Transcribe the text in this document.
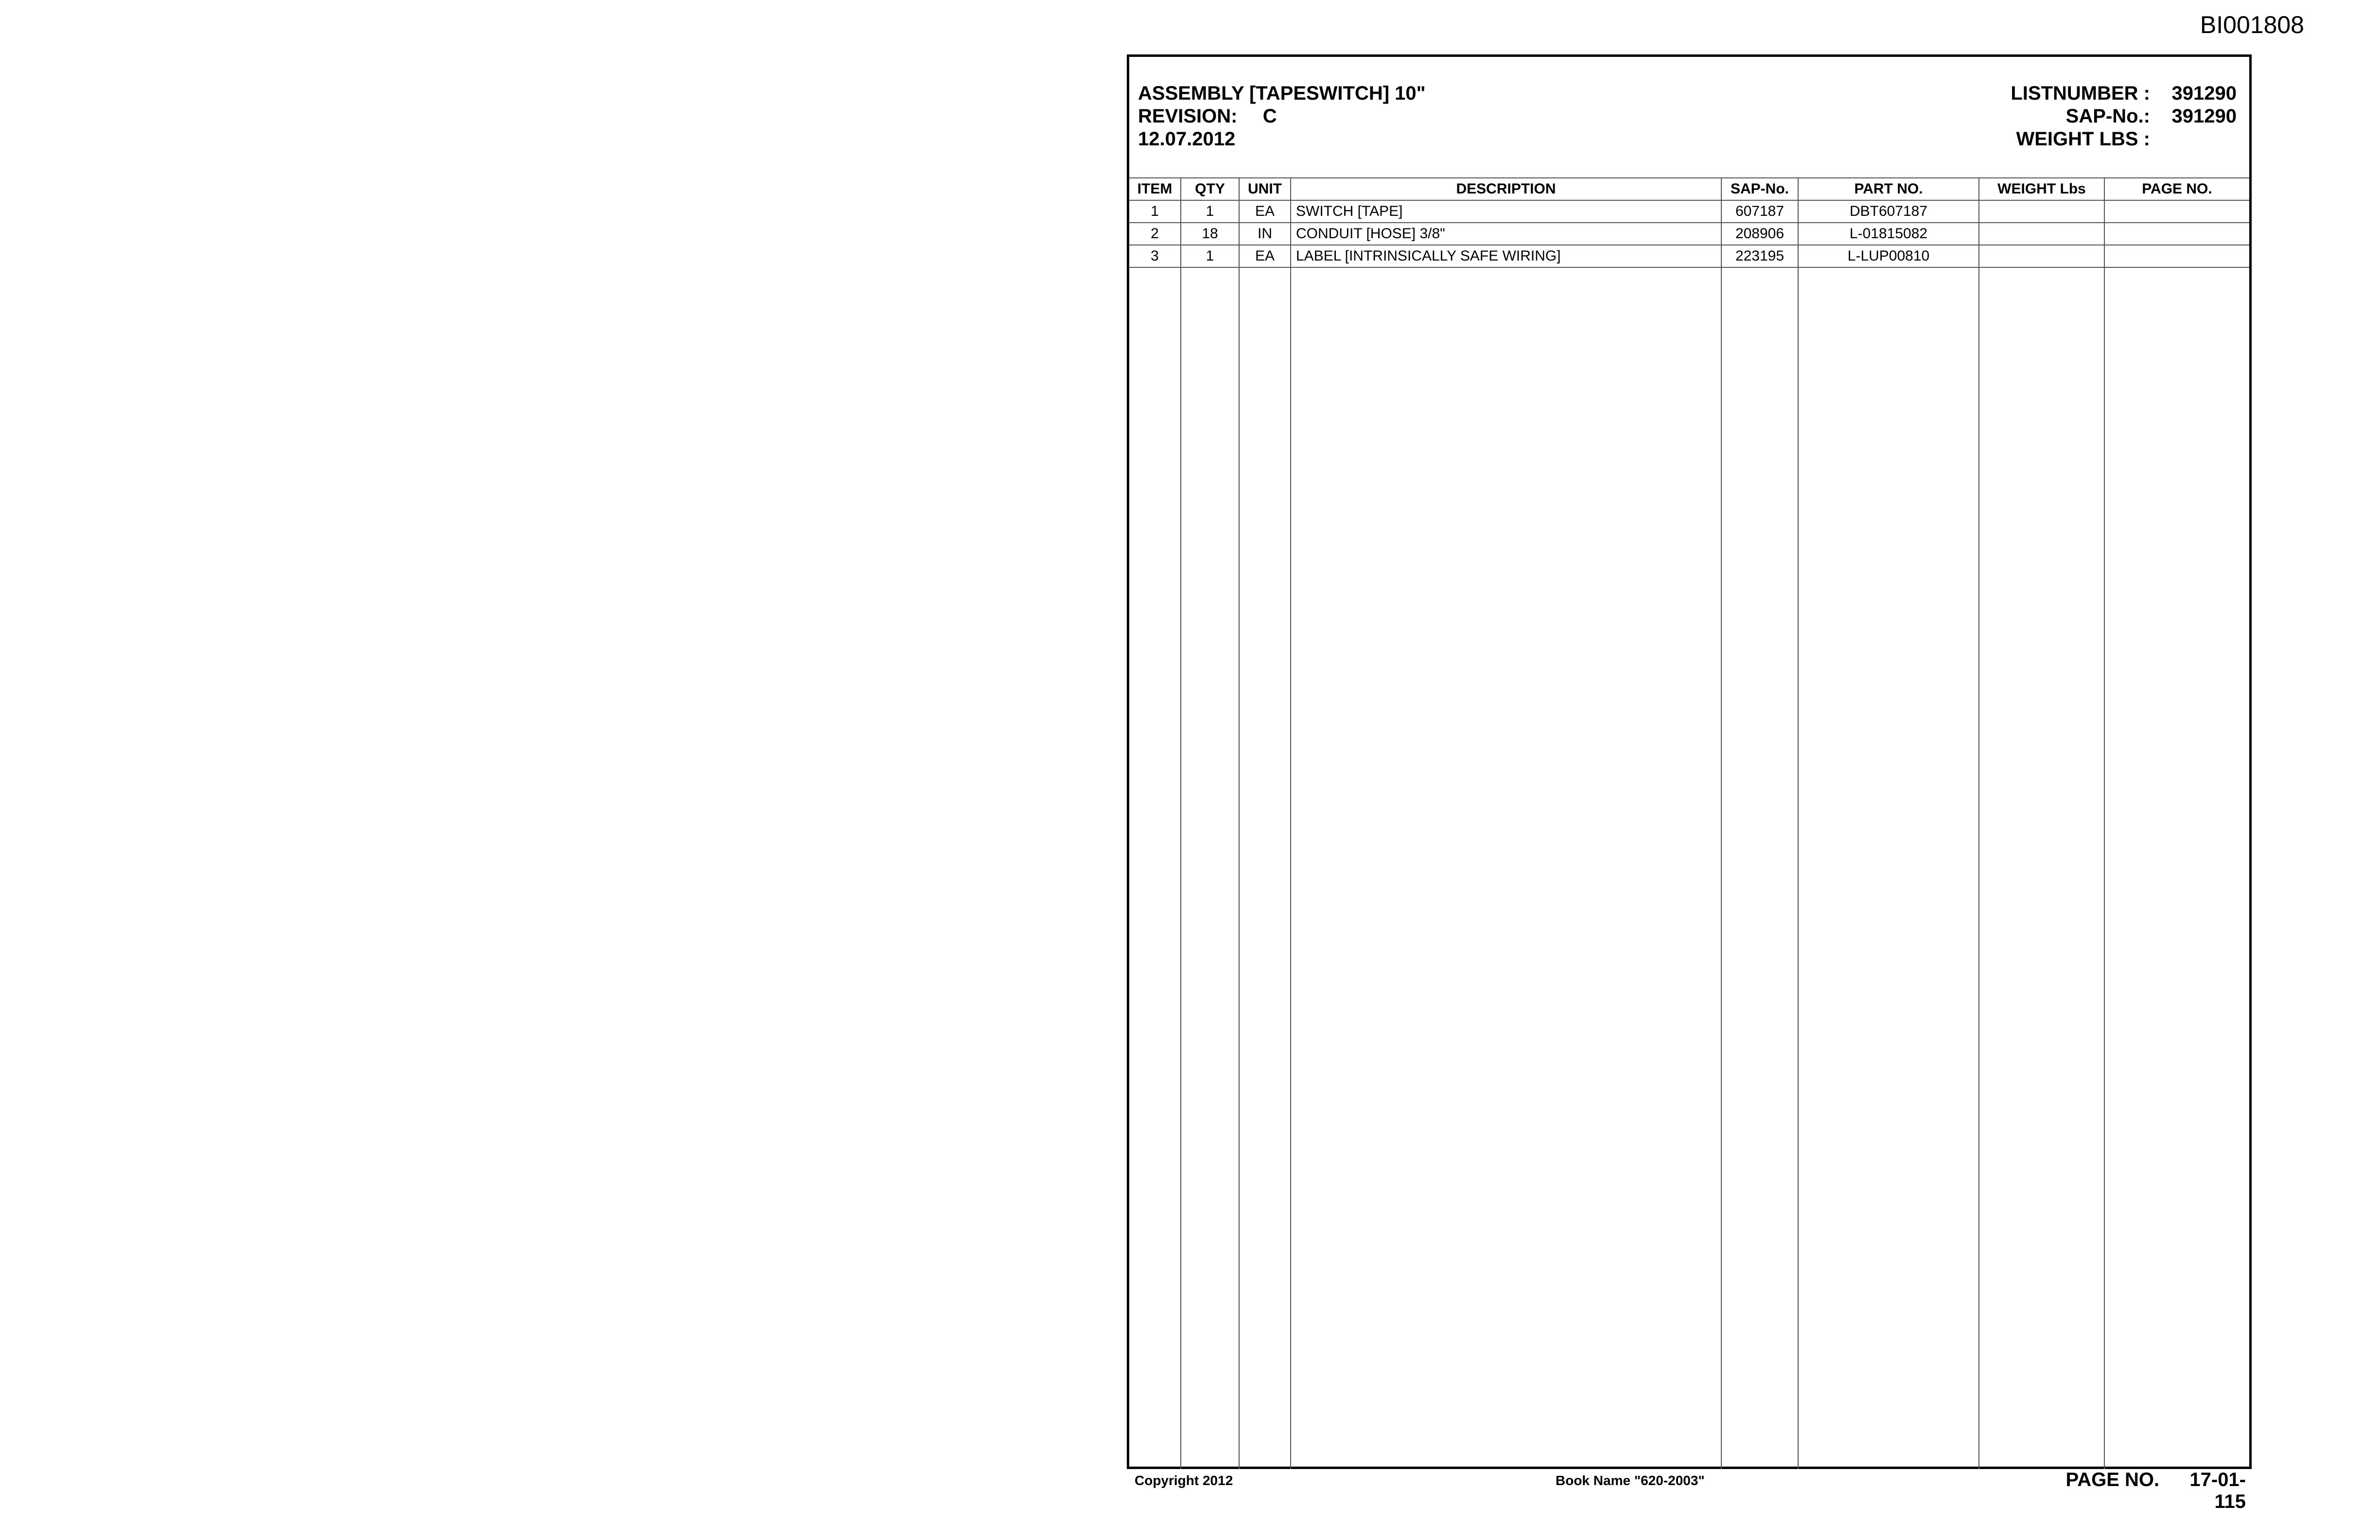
BI001808
ASSEMBLY [TAPESWITCH] 10"
REVISION: C
12.07.2012
LISTNUMBER :	391290
SAP-No.:	391290
WEIGHT LBS :
ITEM	QTY	UNIT	DESCRIPTION	SAP-No.	PART NO.	WEIGHT Lbs	PAGE NO.
1	1	EA	SWITCH [TAPE]	607187	DBT607187		
2	18	IN	CONDUIT [HOSE] 3/8"	208906	L-01815082		
3	1	EA	LABEL [INTRINSICALLY SAFE WIRING]	223195	L-LUP00810		

Copyright 2012	Book Name "620-2003"	PAGE NO. 17-01-115
